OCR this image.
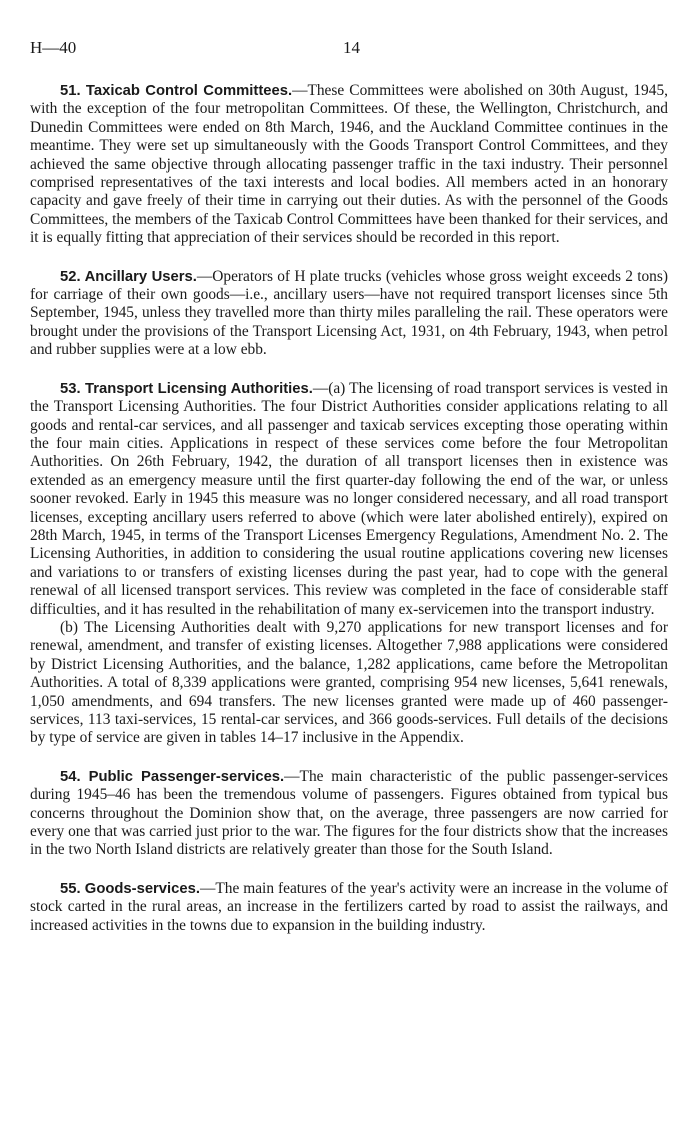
H—40	14

51. Taxicab Control Committees.—These Committees were abolished on 30th August, 1945, with the exception of the four metropolitan Committees. Of these, the Wellington, Christchurch, and Dunedin Committees were ended on 8th March, 1946, and the Auckland Committee continues in the meantime. They were set up simultaneously with the Goods Transport Control Committees, and they achieved the same objective through allocating passenger traffic in the taxi industry. Their personnel comprised representatives of the taxi interests and local bodies. All members acted in an honorary capacity and gave freely of their time in carrying out their duties. As with the personnel of the Goods Committees, the members of the Taxicab Control Committees have been thanked for their services, and it is equally fitting that appreciation of their services should be recorded in this report.

52. Ancillary Users.—Operators of H plate trucks (vehicles whose gross weight exceeds 2 tons) for carriage of their own goods—i.e., ancillary users—have not required transport licenses since 5th September, 1945, unless they travelled more than thirty miles paralleling the rail. These operators were brought under the provisions of the Transport Licensing Act, 1931, on 4th February, 1943, when petrol and rubber supplies were at a low ebb.

53. Transport Licensing Authorities.—(a) The licensing of road transport services is vested in the Transport Licensing Authorities. The four District Authorities consider applications relating to all goods and rental-car services, and all passenger and taxicab services excepting those operating within the four main cities. Applications in respect of these services come before the four Metropolitan Authorities. On 26th February, 1942, the duration of all transport licenses then in existence was extended as an emergency measure until the first quarter-day following the end of the war, or unless sooner revoked. Early in 1945 this measure was no longer considered necessary, and all road transport licenses, excepting ancillary users referred to above (which were later abolished entirely), expired on 28th March, 1945, in terms of the Transport Licenses Emergency Regulations, Amendment No. 2. The Licensing Authorities, in addition to considering the usual routine applications covering new licenses and variations to or transfers of existing licenses during the past year, had to cope with the general renewal of all licensed transport services. This review was completed in the face of considerable staff difficulties, and it has resulted in the rehabilitation of many ex-servicemen into the transport industry.

(b) The Licensing Authorities dealt with 9,270 applications for new transport licenses and for renewal, amendment, and transfer of existing licenses. Altogether 7,988 applications were considered by District Licensing Authorities, and the balance, 1,282 applications, came before the Metropolitan Authorities. A total of 8,339 applications were granted, comprising 954 new licenses, 5,641 renewals, 1,050 amendments, and 694 transfers. The new licenses granted were made up of 460 passenger-services, 113 taxi-services, 15 rental-car services, and 366 goods-services. Full details of the decisions by type of service are given in tables 14–17 inclusive in the Appendix.

54. Public Passenger-services.—The main characteristic of the public passenger-services during 1945–46 has been the tremendous volume of passengers. Figures obtained from typical bus concerns throughout the Dominion show that, on the average, three passengers are now carried for every one that was carried just prior to the war. The figures for the four districts show that the increases in the two North Island districts are relatively greater than those for the South Island.

55. Goods-services.—The main features of the year's activity were an increase in the volume of stock carted in the rural areas, an increase in the fertilizers carted by road to assist the railways, and increased activities in the towns due to expansion in the building industry.
